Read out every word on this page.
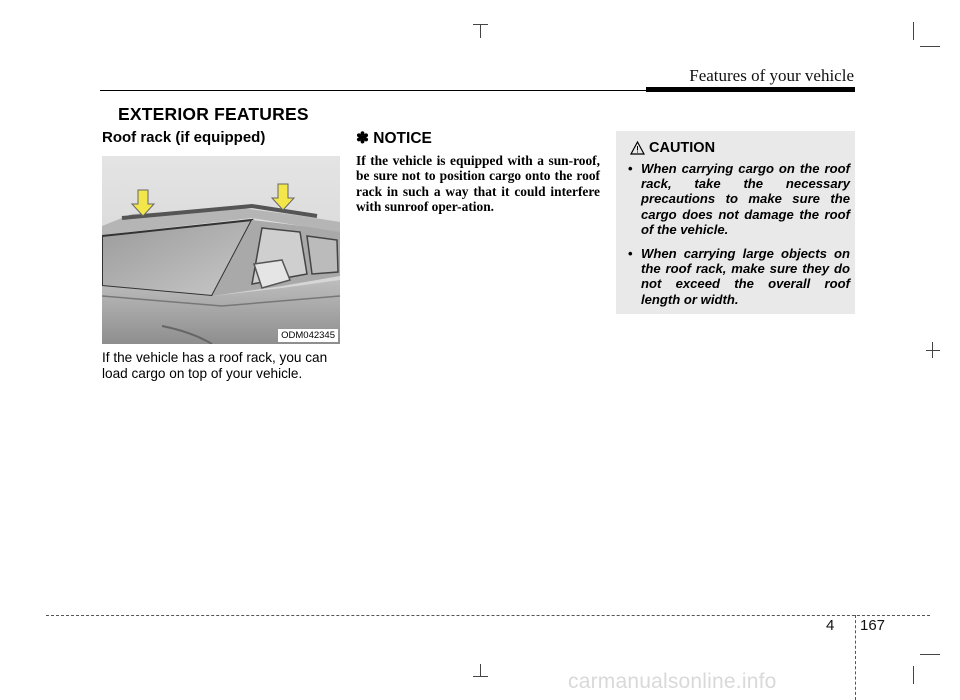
Features of your vehicle
EXTERIOR FEATURES
Roof rack (if equipped)
ODM042345
If the vehicle has a roof rack, you can load cargo on top of your vehicle.
✽ NOTICE
If the vehicle is equipped with a sun-roof, be sure not to position cargo onto the roof rack in such a way that it could interfere with sunroof oper-ation.
CAUTION
• When carrying cargo on the roof rack, take the necessary precautions to make sure the cargo does not damage the roof of the vehicle.
• When carrying large objects on the roof rack, make sure they do not exceed the overall roof length or width.
4 167
carmanualsonline.info
